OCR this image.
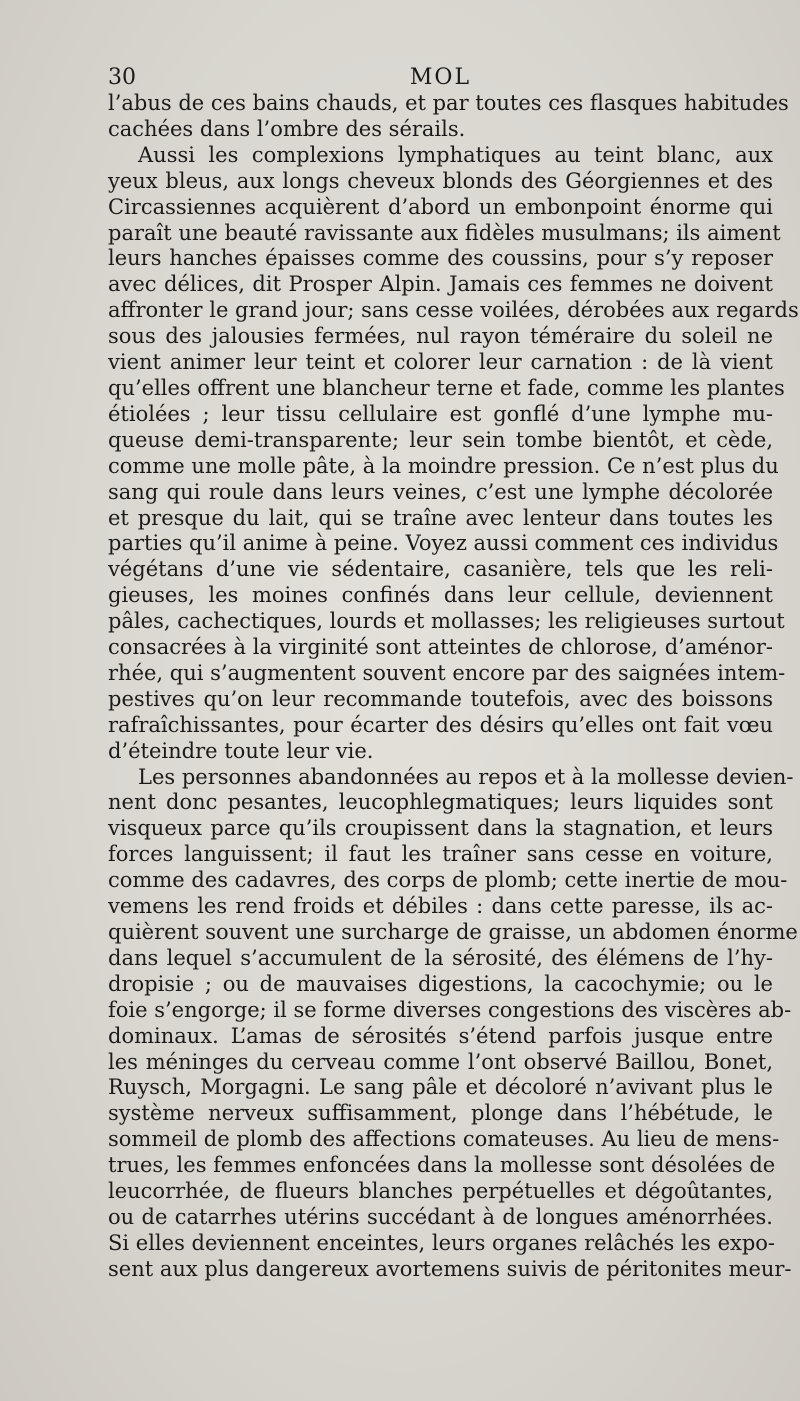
30	MOL
l’abus de ces bains chauds, et par toutes ces flasques habitudes
cachées dans l’ombre des sérails.
Aussi les complexions lymphatiques au teint blanc, aux
yeux bleus, aux longs cheveux blonds des Géorgiennes et des
Circassiennes acquièrent d’abord un embonpoint énorme qui
paraît une beauté ravissante aux fidèles musulmans; ils aiment
leurs hanches épaisses comme des coussins, pour s’y reposer
avec délices, dit Prosper Alpin. Jamais ces femmes ne doivent
affronter le grand jour; sans cesse voilées, dérobées aux regards
sous des jalousies fermées, nul rayon téméraire du soleil ne
vient animer leur teint et colorer leur carnation : de là vient
qu’elles offrent une blancheur terne et fade, comme les plantes
étiolées ; leur tissu cellulaire est gonflé d’une lymphe mu-
queuse demi-transparente; leur sein tombe bientôt, et cède,
comme une molle pâte, à la moindre pression. Ce n’est plus du
sang qui roule dans leurs veines, c’est une lymphe décolorée
et presque du lait, qui se traîne avec lenteur dans toutes les
parties qu’il anime à peine. Voyez aussi comment ces individus
végétans d’une vie sédentaire, casanière, tels que les reli-
gieuses, les moines confinés dans leur cellule, deviennent
pâles, cachectiques, lourds et mollasses; les religieuses surtout
consacrées à la virginité sont atteintes de chlorose, d’aménor-
rhée, qui s’augmentent souvent encore par des saignées intem-
pestives qu’on leur recommande toutefois, avec des boissons
rafraîchissantes, pour écarter des désirs qu’elles ont fait vœu
d’éteindre toute leur vie.
Les personnes abandonnées au repos et à la mollesse devien-
nent donc pesantes, leucophlegmatiques; leurs liquides sont
visqueux parce qu’ils croupissent dans la stagnation, et leurs
forces languissent; il faut les traîner sans cesse en voiture,
comme des cadavres, des corps de plomb; cette inertie de mou-
vemens les rend froids et débiles : dans cette paresse, ils ac-
quièrent souvent une surcharge de graisse, un abdomen énorme
dans lequel s’accumulent de la sérosité, des élémens de l’hy-
dropisie ; ou de mauvaises digestions, la cacochymie; ou le
foie s’engorge; il se forme diverses congestions des viscères ab-
dominaux. L’amas de sérosités s’étend parfois jusque entre
les méninges du cerveau comme l’ont observé Baillou, Bonet,
Ruysch, Morgagni. Le sang pâle et décoloré n’avivant plus le
système nerveux suffisamment, plonge dans l’hébétude, le
sommeil de plomb des affections comateuses. Au lieu de mens-
trues, les femmes enfoncées dans la mollesse sont désolées de
leucorrhée, de flueurs blanches perpétuelles et dégoûtantes,
ou de catarrhes utérins succédant à de longues aménorrhées.
Si elles deviennent enceintes, leurs organes relâchés les expo-
sent aux plus dangereux avortemens suivis de péritonites meur-
